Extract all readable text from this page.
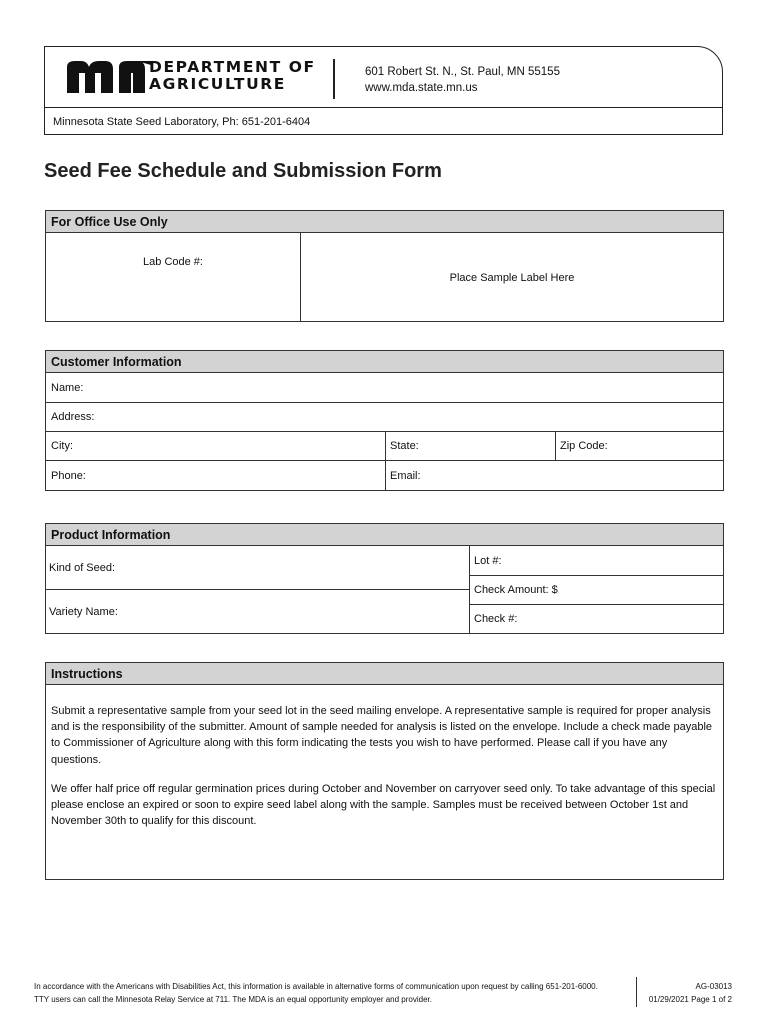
DEPARTMENT OF
AGRICULTURE
601 Robert St. N., St. Paul, MN 55155
www.mda.state.mn.us
Minnesota State Seed Laboratory, Ph: 651-201-6404
Seed Fee Schedule and Submission Form
For Office Use Only
Lab Code #:
Place Sample Label Here
Customer Information
Name:
Address:
City:	State:	Zip Code:
Phone:	Email:
Product Information
Kind of Seed:
Variety Name:
Lot #:
Check Amount: $
Check #:
Instructions
Submit a representative sample from your seed lot in the seed mailing envelope. A representative sample is required for proper analysis and is the responsibility of the submitter. Amount of sample needed for analysis is listed on the envelope. Include a check made payable to Commissioner of Agriculture along with this form indicating the tests you wish to have performed. Please call if you have any questions.
We offer half price off regular germination prices during October and November on carryover seed only. To take advantage of this special please enclose an expired or soon to expire seed label along with the sample. Samples must be received between October 1st and November 30th to qualify for this discount.
In accordance with the Americans with Disabilities Act, this information is available in alternative forms of communication upon request by calling 651-201-6000.
TTY users can call the Minnesota Relay Service at 711. The MDA is an equal opportunity employer and provider.
AG-03013
01/29/2021 Page 1 of 2
